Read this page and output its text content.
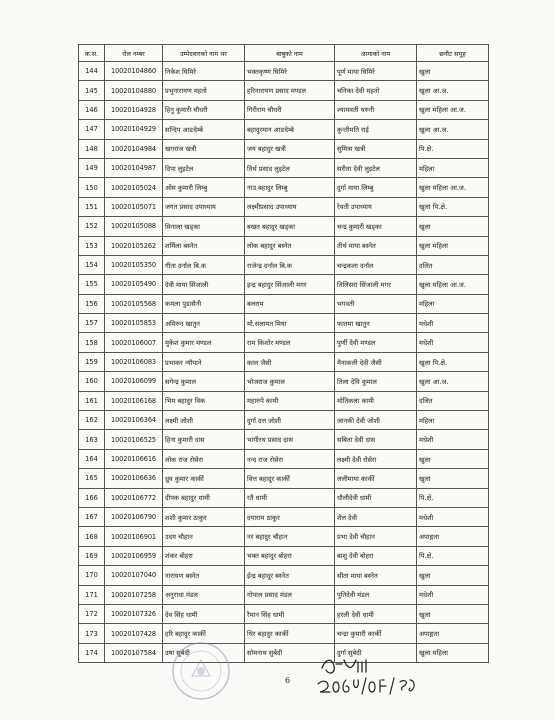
क.स.	रोल नम्बर	उम्मेदवारको नाम थर	बाबुको नाम	आमाको नाम	छनौट समूह
144	10020104860	निकेश घिमिरे	भक्तकृष्ण घिमिरे	पूर्ण माया घिमिरे	खुला
145	10020104880	प्रभुनारायण महतो	हरिनारायण प्रसाद मण्डल	चनिका देवी महतो	खुला आ.ज.
146	10020104928	हिनु कुमारी चौधरी	गिरीराम चौधरी	श्यामवती थरुनी	खुला महिला आ.ज.
147	10020104929	सन्दिप आङदेम्बे	बहादुरमान आङदेम्बे	कुन्तीमति राई	खुला आ.ज.
148	10020104984	खगराज खत्री	जय बहादुर खत्री	सुमित्रा खत्री	पि.क्षे.
149	10020104987	दिपा लुइटेल	तिर्थ प्रसाद लुइटेल	सरीता देवी लुइटेल	महिला
150	10020105024	ओम कुमारी लिम्बु	नाउ बहादुर लिम्बु	दुर्गा माया लिम्बु	खुला महिला आ.ज.
151	10020105071	जगत प्रसाद उपाध्याय	लक्ष्मीप्रसाद उपाध्याय	रेवती उपाध्याय	खुला पि.क्षे.
152	10020105088	मिनाला खड्का	बखत बहादुर खड्का	चन्द्र कुमारी खड्का	खुला
153	10020105262	शर्मिला बस्नेत	लोक बहादुर बस्नेत	तीर्थ माया बस्नेत	खुला महिला
154	10020105350	गीता दर्नाल बि.क	राजेन्द्र दर्नाल बि.क	चन्द्रकला दर्नाल	दलित
155	10020105490	देवी माया सिंजाली	इन्द्र बहादुर सिंजाली मगर	तिलिसरा सिंजाली मगर	खुला महिला आ.ज.
156	10020105568	कमला पुडासैनी	बलराम	भगवती	महिला
157	10020105853	अमिरुन खातुन	मो.सलामत मिया	फातमा खातुन	मधेशी
158	10020106007	मुकेश कुमार मण्डल	राम किशोर मण्डल	पुर्णी देवी मण्डल	मधेशी
159	10020106083	प्रभाकर न्यौपाने	काल जैसी	मैनाकली देवी जैसी	खुला पि.क्षे.
160	10020106099	सगेन्द्र कुमाल	भोजराज कुमाल	तिला देवि कुमाल	खुला आ.ज.
161	10020106168	भिम बहादुर विक	महारुपे कामी	मोतिकला कामी	दलित
162	10020106364	लक्ष्मी जोशी	दुर्गा दत्त जोशी	जानकी देवी जोशी	महिला
163	10020106525	हिना कुमारी दास	भागीरथ प्रसाद दास	सबिता देवी दास	मधेशी
164	10020106616	लोक राज रोसेरा	नन्द राज रोसेरा	लक्ष्मी देवी रोसेरा	खुला
165	10020106636	ध्रुव कुमार कार्की	वित्त बहादुर कार्की	ललीमाया कार्की	खुला
166	10020106772	दीपक बहादुर धामी	रतै धामी	धौलीदेवी धामी	पि.क्षे.
167	10020106790	शशी कुमार ठाकुर	दयाराम ठाकुर	शैल देवी	मधेशी
168	10020106901	उदय चौहान	नर बहादुर चौहान	प्रभा देवी चौहान	अपाङ्गता
169	10020106959	शंकर बोहरा	भक्त बहादुर बोहरा	बाशु देवी बोहरा	पि.क्षे.
170	10020107040	नारायण बस्नेत	ईन्द्र बहादुर बस्नेत	सीता माया बस्नेत	खुला
171	10020107258	अनुराधा मंडल	गोपाल प्रसाद मंडल	पुतिदेवी मंडल	मधेशी
172	10020107326	देव सिंह धामी	रैमान सिंह धामी	हरली देवी धामी	खुला
173	10020107428	हरि बहादुर कार्की	धिर बहादुर कार्की	चन्द्रा कुमारी कार्की	अपाङ्गता
174	10020107584	उषा सुबेदी	सोमनाथ सुबेदी	दुर्गा सुबेदी	खुला महिला
6
